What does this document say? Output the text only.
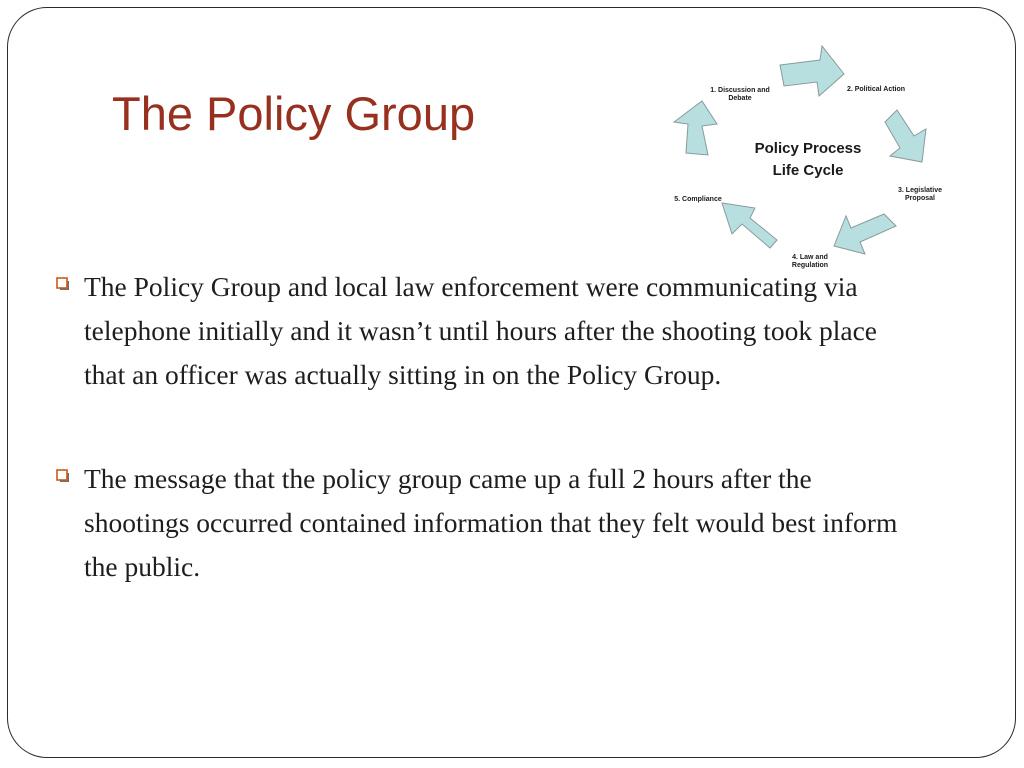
The Policy Group
Policy Process
Life Cycle
1. Discussion and
Debate
2. Political Action
3. Legislative
Proposal
4. Law and
Regulation
5. Compliance
The Policy Group and local law enforcement were communicating via telephone initially and it wasn’t until hours after the shooting took place that an officer was actually sitting in on the Policy Group.
The message that the policy group came up a full 2 hours after the shootings occurred contained information that they felt would best inform the public.
